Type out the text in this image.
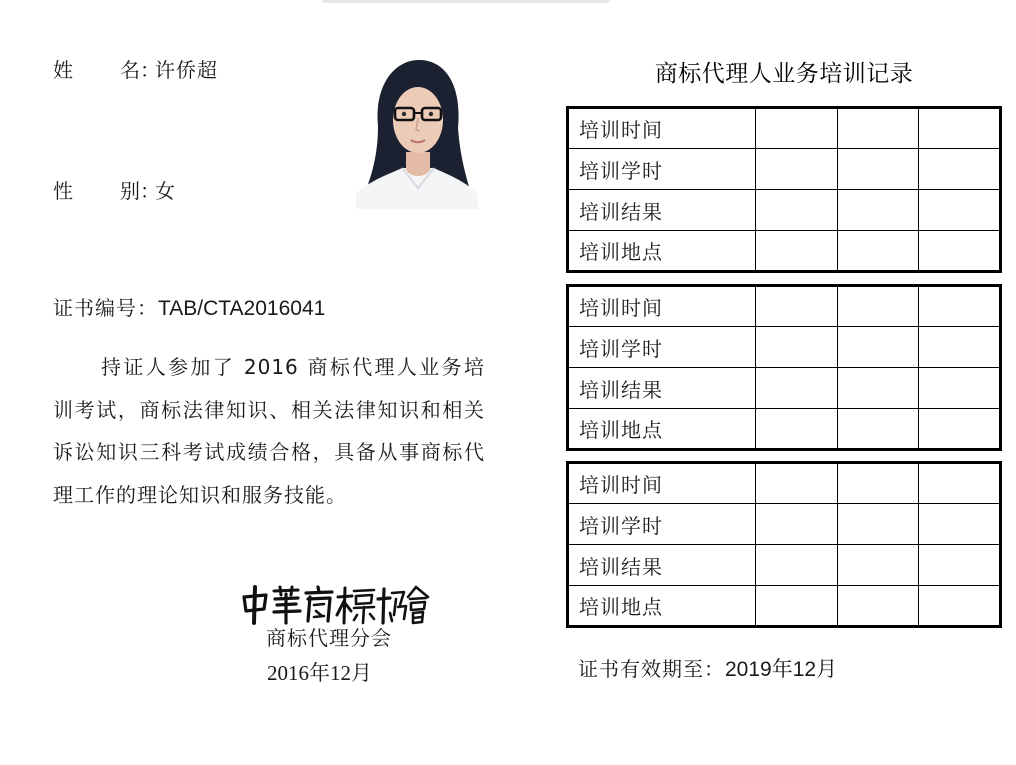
姓 名：许侨超
性 别：女
证书编号：TAB/CTA2016041

持证人参加了 2016 商标代理人业务培训考试，商标法律知识、相关法律知识和相关诉讼知识三科考试成绩合格，具备从事商标代理工作的理论知识和服务技能。

商标代理分会
2016年12月
商标代理人业务培训记录
培训时间			
培训学时			
培训结果			
培训地点			
培训时间			
培训学时			
培训结果			
培训地点			
培训时间			
培训学时			
培训结果			
培训地点			
证书有效期至：2019年12月
